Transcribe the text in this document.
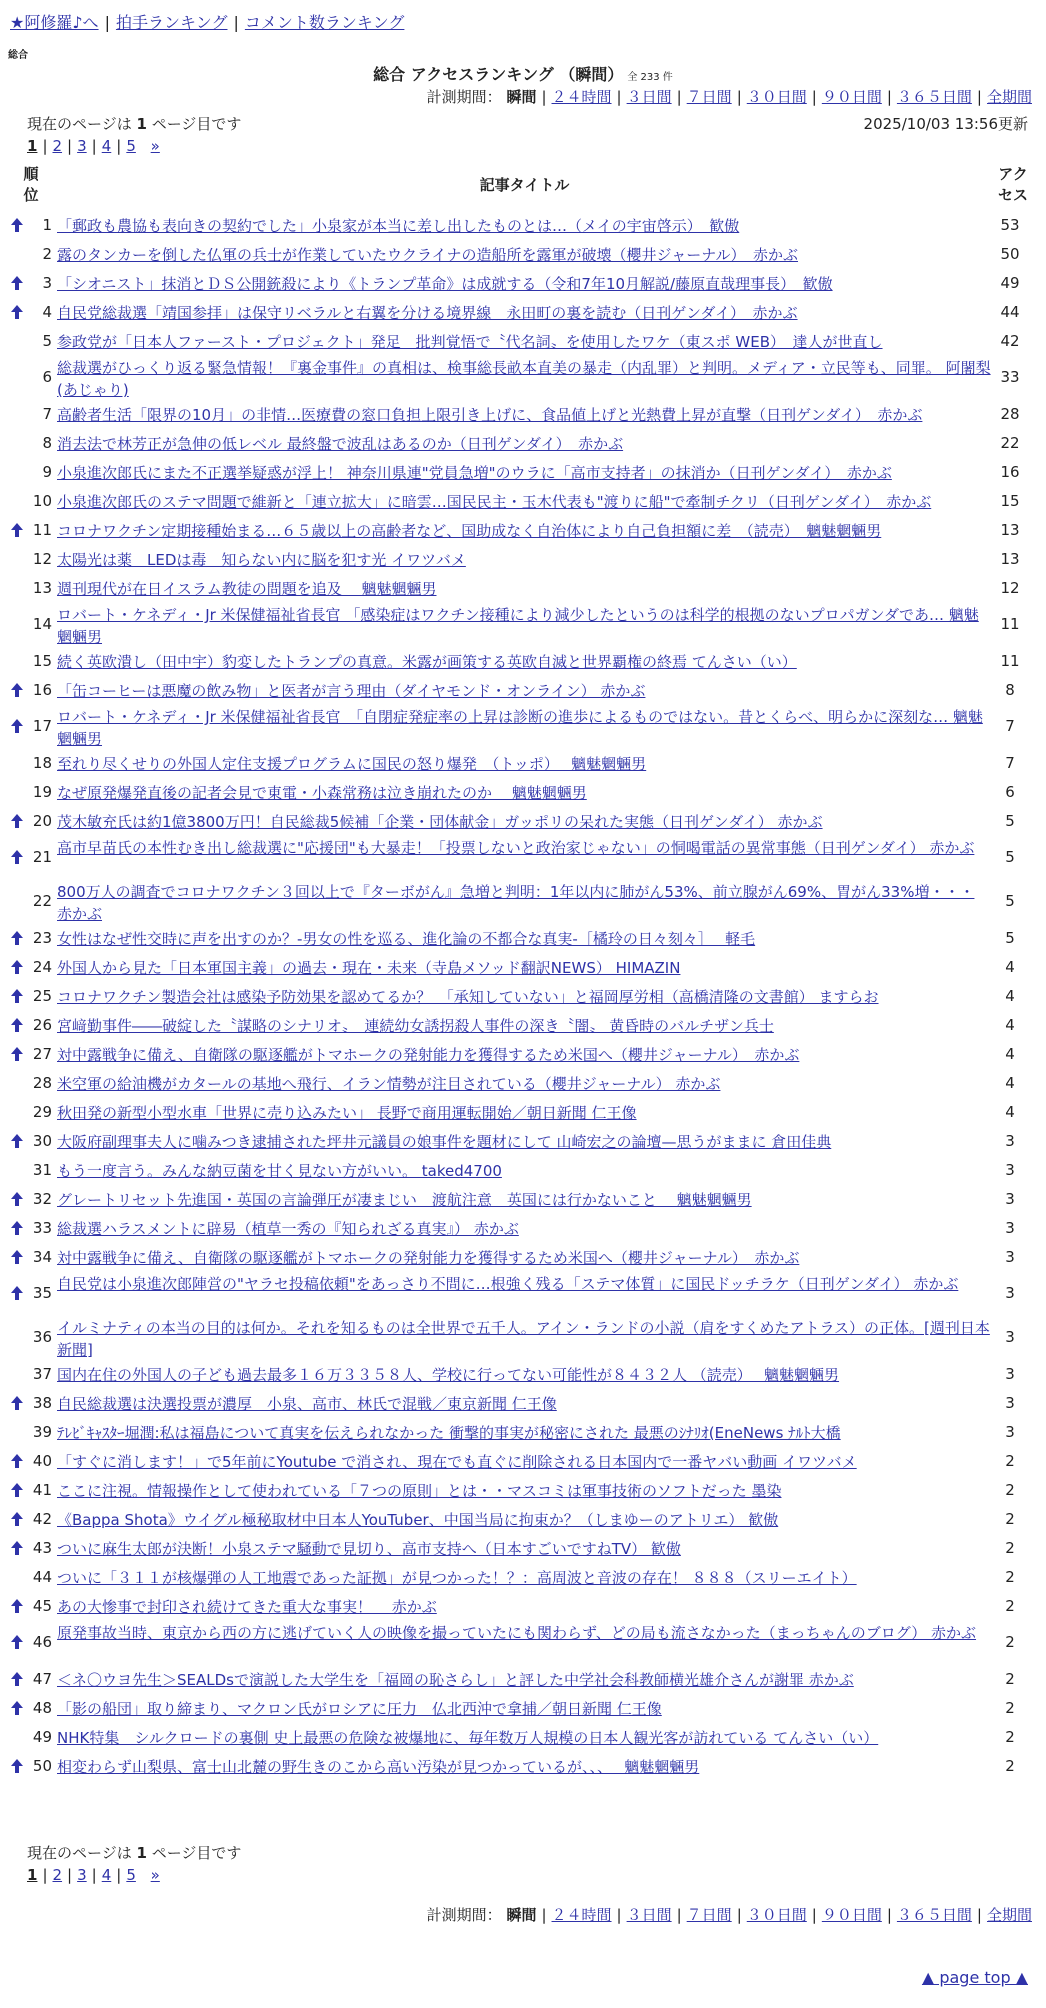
★阿修羅♪へ | 拍手ランキング | コメント数ランキング
総合
総合 アクセスランキング （瞬間） 全 233 件
計測期間： 瞬間 | ２４時間 | ３日間 | ７日間 | ３０日間 | ９０日間 | ３６５日間 | 全期間
現在のページは 1 ページ目です	2025/10/03 13:56更新
1 | 2 | 3 | 4 | 5 »
順位
記事タイトル
アクセス
1 「郵政も農協も表向きの契約でした」小泉家が本当に差し出したものとは…（メイの宇宙啓示）　歓傲	53
2 露のタンカーを倒した仏軍の兵士が作業していたウクライナの造船所を露軍が破壊（櫻井ジャーナル）　赤かぶ	50
3 「シオニスト」抹消とＤＳ公開銃殺により《トランプ革命》は成就する（令和7年10月解説/藤原直哉理事長）　歓傲	49
4 自民党総裁選「靖国参拝」は保守リベラルと右翼を分ける境界線　永田町の裏を読む（日刊ゲンダイ）　赤かぶ	44
5 参政党が「日本人ファースト・プロジェクト」発足　批判覚悟で〝代名詞〟を使用したワケ（東スポ WEB）　達人が世直し	42
6 総裁選がひっくり返る緊急情報！『裏金事件』の真相は、検事総長畝本直美の暴走（内乱罪）と判明。メディア・立民等も、同罪。 阿闍梨(あじゃり)
33
7 高齢者生活「限界の10月」の非情…医療費の窓口負担上限引き上げに、食品値上げと光熱費上昇が直撃（日刊ゲンダイ）　赤かぶ	28
8 消去法で林芳正が急伸の低レベル 最終盤で波乱はあるのか（日刊ゲンダイ）　赤かぶ	22
9 小泉進次郎氏にまた不正選挙疑惑が浮上！ 神奈川県連"党員急増"のウラに「高市支持者」の抹消か（日刊ゲンダイ）　赤かぶ	16
10 小泉進次郎氏のステマ問題で維新と「連立拡大」に暗雲…国民民主・玉木代表も"渡りに船"で牽制チクリ（日刊ゲンダイ）　赤かぶ	15
11 コロナワクチン定期接種始まる…６５歳以上の高齢者など、国助成なく自治体により自己負担額に差　（読売）　魑魅魍魎男	13
12 太陽光は薬　LEDは毒　知らない内に脳を犯す光 イワツバメ	13
13 週刊現代が在日イスラム教徒の問題を追及　 魑魅魍魎男	12
14 ロバート・ケネディ・Jr 米保健福祉省長官 「感染症はワクチン接種により減少したというのは科学的根拠のないプロパガンダであ… 魑魅魍魎男
11
15 続く英欧潰し（田中宇）豹変したトランプの真意。米露が画策する英欧自滅と世界覇権の終焉 てんさい（い）	11
16 「缶コーヒーは悪魔の飲み物」と医者が言う理由（ダイヤモンド・オンライン） 赤かぶ	8
17 ロバート・ケネディ・Jr 米保健福祉省長官　「自閉症発症率の上昇は診断の進歩によるものではない。昔とくらべ、明らかに深刻な… 魑魅魍魎男
7
18 至れり尽くせりの外国人定住支援プログラムに国民の怒り爆発　（トッポ）　 魑魅魍魎男	7
19 なぜ原発爆発直後の記者会見で東電・小森常務は泣き崩れたのか　 魑魅魍魎男	6
20 茂木敏充氏は約1億3800万円！自民総裁5候補「企業・団体献金」ガッポリの呆れた実態（日刊ゲンダイ） 赤かぶ	5
21 高市早苗氏の本性むき出し総裁選に"応援団"も大暴走！「投票しないと政治家じゃない」の恫喝電話の異常事態（日刊ゲンダイ） 赤かぶ	5
22 800万人の調査でコロナワクチン３回以上で『ターボがん』急増と判明：1年以内に肺がん53%、前立腺がん69%、胃がん33%増・・・ 赤かぶ
5
23 女性はなぜ性交時に声を出すのか？-男女の性を巡る、進化論の不都合な真実-［橘玲の日々刻々］　 軽毛	5
24 外国人から見た「日本軍国主義」の過去・現在・未来（寺島メソッド翻訳NEWS） HIMAZIN	4
25 コロナワクチン製造会社は感染予防効果を認めてるか？　「承知していない」と福岡厚労相（高橋清隆の文書館） ますらお	4
26 宮﨑勤事件――破綻した〝謀略のシナリオ〟　連続幼女誘拐殺人事件の深き〝闇〟 黄昏時のバルチザン兵士	4
27 対中露戦争に備え、自衛隊の駆逐艦がトマホークの発射能力を獲得するため米国へ（櫻井ジャーナル）　赤かぶ	4
28 米空軍の給油機がカタールの基地へ飛行、イラン情勢が注目されている（櫻井ジャーナル） 赤かぶ	4
29 秋田発の新型小型水車「世界に売り込みたい」 長野で商用運転開始／朝日新聞 仁王像	4
30 大阪府副理事夫人に噛みつき逮捕された坪井元議員の娘事件を題材にして 山崎宏之の論壇—思うがままに 倉田佳典	3
31 もう一度言う。みんな納豆菌を甘く見ない方がいい。 taked4700	3
32 グレートリセット先進国・英国の言論弾圧が凄まじい　渡航注意　英国には行かないこと　 魑魅魍魎男	3
33 総裁選ハラスメントに辟易（植草一秀の『知られざる真実』） 赤かぶ	3
34 対中露戦争に備え、自衛隊の駆逐艦がトマホークの発射能力を獲得するため米国へ（櫻井ジャーナル）　赤かぶ	3
35 自民党は小泉進次郎陣営の"ヤラセ投稿依頼"をあっさり不問に…根強く残る「ステマ体質」に国民ドッチラケ（日刊ゲンダイ） 赤かぶ	3
36 イルミナティの本当の目的は何か。それを知るものは全世界で五千人。アイン・ランドの小説（肩をすくめたアトラス）の正体。[週刊日本新聞]
3
37 国内在住の外国人の子ども過去最多１６万３３５８人、学校に行ってない可能性が８４３２人 （読売）　 魑魅魍魎男	3
38 自民総裁選は決選投票が濃厚　小泉、高市、林氏で混戦／東京新聞 仁王像	3
39 ﾃﾚﾋﾞｷｬｽﾀｰ堀潤:私は福島について真実を伝えられなかった 衝撃的事実が秘密にされた 最悪のｼﾅﾘｵ(EneNews ﾅﾙﾄ大橋	3
40 「すぐに消します！」で5年前にYoutube で消され、現在でも直ぐに削除される日本国内で一番ヤバい動画 イワツバメ	2
41 ここに注視。情報操作として使われている「７つの原則」とは・・マスコミは軍事技術のソフトだった 墨染	2
42 《Bappa Shota》ウイグル極秘取材中日本人YouTuber、中国当局に拘束か？（しまゆーのアトリエ） 歓傲	2
43 ついに麻生太郎が決断！小泉ステマ騒動で見切り、高市支持へ（日本すごいですねTV） 歓傲	2
44 ついに「３１１が核爆弾の人工地震であった証拠」が見つかった！？：高周波と音波の存在！ ８８８（スリーエイト）	2
45 あの大惨事で封印され続けてきた重大な事実！　 赤かぶ	2
46 原発事故当時、東京から西の方に逃げていく人の映像を撮っていたにも関わらず、どの局も流さなかった（まっちゃんのブログ） 赤かぶ	2
47 ＜ネ〇ウヨ先生＞SEALDsで演説した大学生を「福岡の恥さらし」と評した中学社会科教師横光雄介さんが謝罪 赤かぶ	2
48 「影の船団」取り締まり、マクロン氏がロシアに圧力　仏北西沖で拿捕／朝日新聞 仁王像	2
49 NHK特集　シルクロードの裏側 史上最悪の危険な被爆地に、毎年数万人規模の日本人観光客が訪れている てんさい（い）	2
50 相変わらず山梨県、富士山北麓の野生きのこから高い汚染が見つかっているが、、、　 魑魅魍魎男	2
現在のページは 1 ページ目です
1 | 2 | 3 | 4 | 5 »
計測期間： 瞬間 | ２４時間 | ３日間 | ７日間 | ３０日間 | ９０日間 | ３６５日間 | 全期間
▲ page top ▲
